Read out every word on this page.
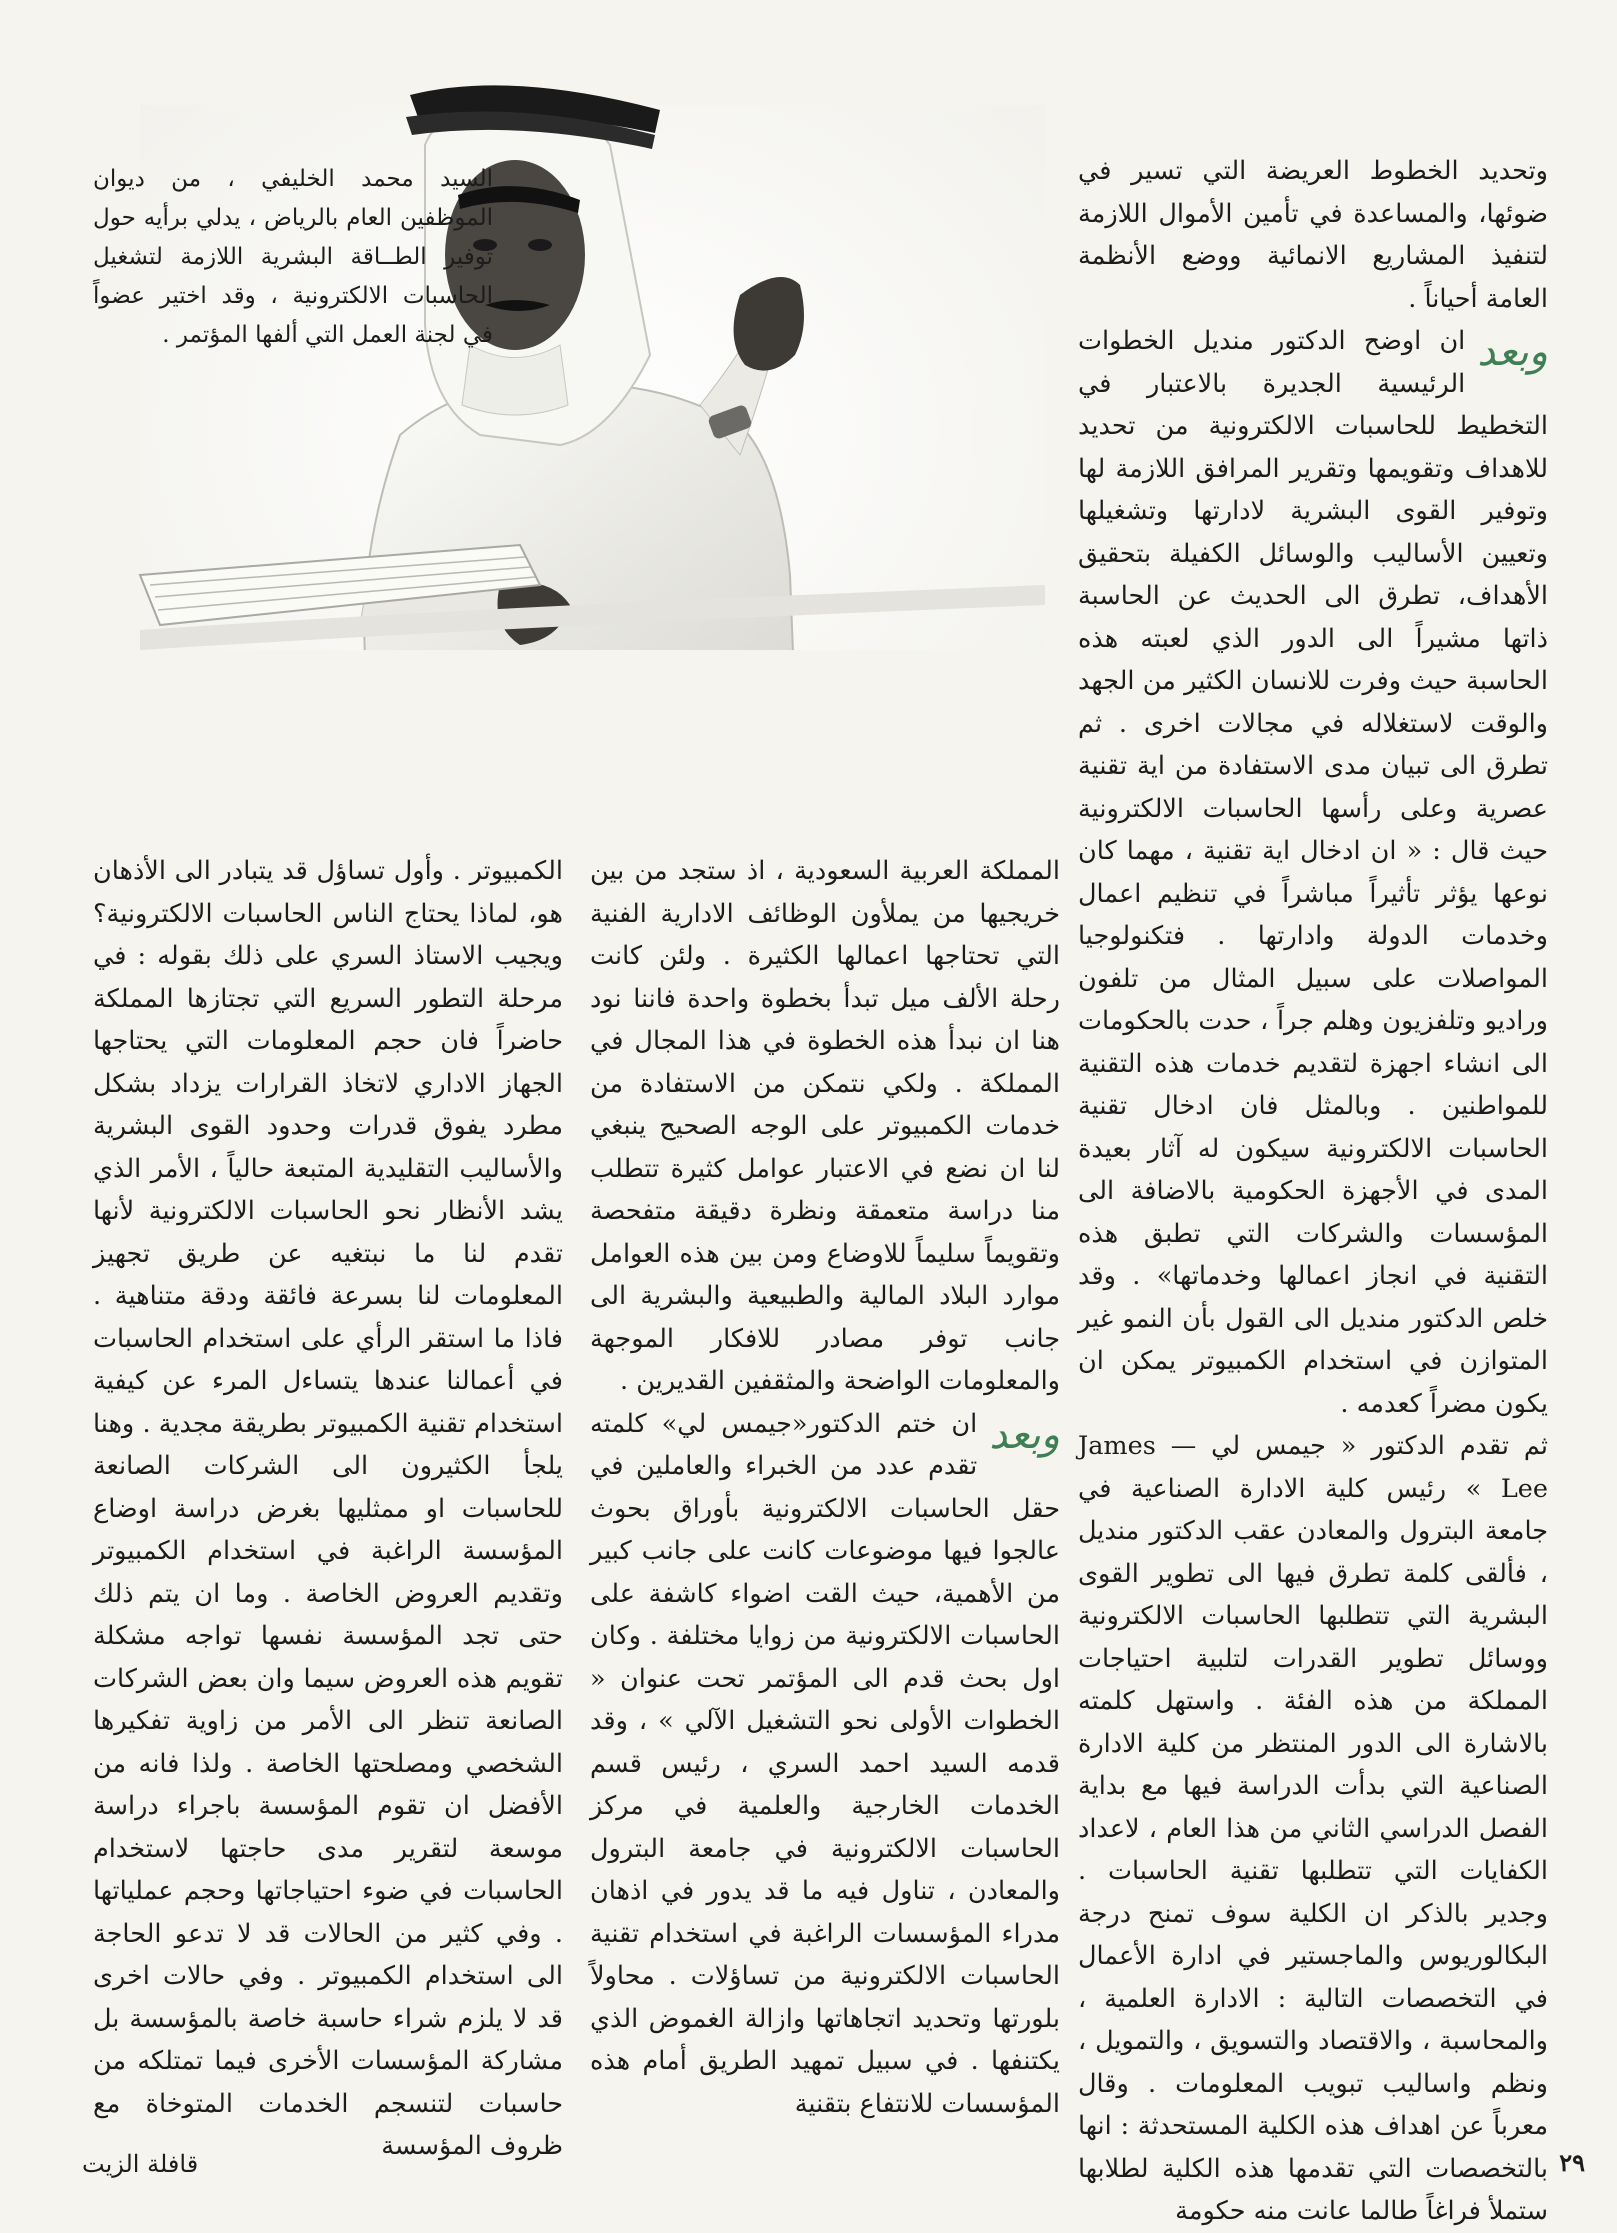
السيد محمد الخليفي ، من ديوان الموظفين العام بالرياض ، يدلي برأيه حول توفير الطــاقة البشرية اللازمة لتشغيل الحاسبات الالكترونية ، وقد اختير عضواً في لجنة العمل التي ألفها المؤتمر .

وتحديد الخطوط العريضة التي تسير في ضوئها، والمساعدة في تأمين الأموال اللازمة لتنفيذ المشاريع الانمائية ووضع الأنظمة العامة أحياناً .

وبعد

ان اوضح الدكتور منديل الخطوات الرئيسية الجديرة بالاعتبار في التخطيط للحاسبات الالكترونية من تحديد للاهداف وتقويمها وتقرير المرافق اللازمة لها وتوفير القوى البشرية لادارتها وتشغيلها وتعيين الأساليب والوسائل الكفيلة بتحقيق الأهداف، تطرق الى الحديث عن الحاسبة ذاتها مشيراً الى الدور الذي لعبته هذه الحاسبة حيث وفرت للانسان الكثير من الجهد والوقت لاستغلاله في مجالات اخرى . ثم تطرق الى تبيان مدى الاستفادة من اية تقنية عصرية وعلى رأسها الحاسبات الالكترونية حيث قال : « ان ادخال اية تقنية ، مهما كان نوعها يؤثر تأثيراً مباشراً في تنظيم اعمال وخدمات الدولة وادارتها . فتكنولوجيا المواصلات على سبيل المثال من تلفون وراديو وتلفزيون وهلم جراً ، حدت بالحكومات الى انشاء اجهزة لتقديم خدمات هذه التقنية للمواطنين . وبالمثل فان ادخال تقنية الحاسبات الالكترونية سيكون له آثار بعيدة المدى في الأجهزة الحكومية بالاضافة الى المؤسسات والشركات التي تطبق هذه التقنية في انجاز اعمالها وخدماتها» . وقد خلص الدكتور منديل الى القول بأن النمو غير المتوازن في استخدام الكمبيوتر يمكن ان يكون مضراً كعدمه .

ثم تقدم الدكتور « جيمس لي — James Lee » رئيس كلية الادارة الصناعية في جامعة البترول والمعادن عقب الدكتور منديل ، فألقى كلمة تطرق فيها الى تطوير القوى البشرية التي تتطلبها الحاسبات الالكترونية ووسائل تطوير القدرات لتلبية احتياجات المملكة من هذه الفئة . واستهل كلمته بالاشارة الى الدور المنتظر من كلية الادارة الصناعية التي بدأت الدراسة فيها مع بداية الفصل الدراسي الثاني من هذا العام ، لاعداد الكفايات التي تتطلبها تقنية الحاسبات . وجدير بالذكر ان الكلية سوف تمنح درجة البكالوريوس والماجستير في ادارة الأعمال في التخصصات التالية : الادارة العلمية ، والمحاسبة ، والاقتصاد والتسويق ، والتمويل ، ونظم واساليب تبويب المعلومات . وقال معرباً عن اهداف هذه الكلية المستحدثة : انها بالتخصصات التي تقدمها هذه الكلية لطلابها ستملأ فراغاً طالما عانت منه حكومة

المملكة العربية السعودية ، اذ ستجد من بين خريجيها من يملأون الوظائف الادارية الفنية التي تحتاجها اعمالها الكثيرة . ولئن كانت رحلة الألف ميل تبدأ بخطوة واحدة فاننا نود هنا ان نبدأ هذه الخطوة في هذا المجال في المملكة . ولكي نتمكن من الاستفادة من خدمات الكمبيوتر على الوجه الصحيح ينبغي لنا ان نضع في الاعتبار عوامل كثيرة تتطلب منا دراسة متعمقة ونظرة دقيقة متفحصة وتقويماً سليماً للاوضاع ومن بين هذه العوامل موارد البلاد المالية والطبيعية والبشرية الى جانب توفر مصادر للافكار الموجهة والمعلومات الواضحة والمثقفين القديرين .

وبعد

ان ختم الدكتور«جيمس لي» كلمته تقدم عدد من الخبراء والعاملين في حقل الحاسبات الالكترونية بأوراق بحوث عالجوا فيها موضوعات كانت على جانب كبير من الأهمية، حيث القت اضواء كاشفة على الحاسبات الالكترونية من زوايا مختلفة . وكان اول بحث قدم الى المؤتمر تحت عنوان « الخطوات الأولى نحو التشغيل الآلي » ، وقد قدمه السيد احمد السري ، رئيس قسم الخدمات الخارجية والعلمية في مركز الحاسبات الالكترونية في جامعة البترول والمعادن ، تناول فيه ما قد يدور في اذهان مدراء المؤسسات الراغبة في استخدام تقنية الحاسبات الالكترونية من تساؤلات . محاولاً بلورتها وتحديد اتجاهاتها وازالة الغموض الذي يكتنفها . في سبيل تمهيد الطريق أمام هذه المؤسسات للانتفاع بتقنية

الكمبيوتر . وأول تساؤل قد يتبادر الى الأذهان هو، لماذا يحتاج الناس الحاسبات الالكترونية؟ ويجيب الاستاذ السري على ذلك بقوله : في مرحلة التطور السريع التي تجتازها المملكة حاضراً فان حجم المعلومات التي يحتاجها الجهاز الاداري لاتخاذ القرارات يزداد بشكل مطرد يفوق قدرات وحدود القوى البشرية والأساليب التقليدية المتبعة حالياً ، الأمر الذي يشد الأنظار نحو الحاسبات الالكترونية لأنها تقدم لنا ما نبتغيه عن طريق تجهيز المعلومات لنا بسرعة فائقة ودقة متناهية . فاذا ما استقر الرأي على استخدام الحاسبات في أعمالنا عندها يتساءل المرء عن كيفية استخدام تقنية الكمبيوتر بطريقة مجدية . وهنا يلجأ الكثيرون الى الشركات الصانعة للحاسبات او ممثليها بغرض دراسة اوضاع المؤسسة الراغبة في استخدام الكمبيوتر وتقديم العروض الخاصة . وما ان يتم ذلك حتى تجد المؤسسة نفسها تواجه مشكلة تقويم هذه العروض سيما وان بعض الشركات الصانعة تنظر الى الأمر من زاوية تفكيرها الشخصي ومصلحتها الخاصة . ولذا فانه من الأفضل ان تقوم المؤسسة باجراء دراسة موسعة لتقرير مدى حاجتها لاستخدام الحاسبات في ضوء احتياجاتها وحجم عملياتها . وفي كثير من الحالات قد لا تدعو الحاجة الى استخدام الكمبيوتر . وفي حالات اخرى قد لا يلزم شراء حاسبة خاصة بالمؤسسة بل مشاركة المؤسسات الأخرى فيما تمتلكه من حاسبات لتنسجم الخدمات المتوخاة مع ظروف المؤسسة

٢٩
قافلة الزيت
